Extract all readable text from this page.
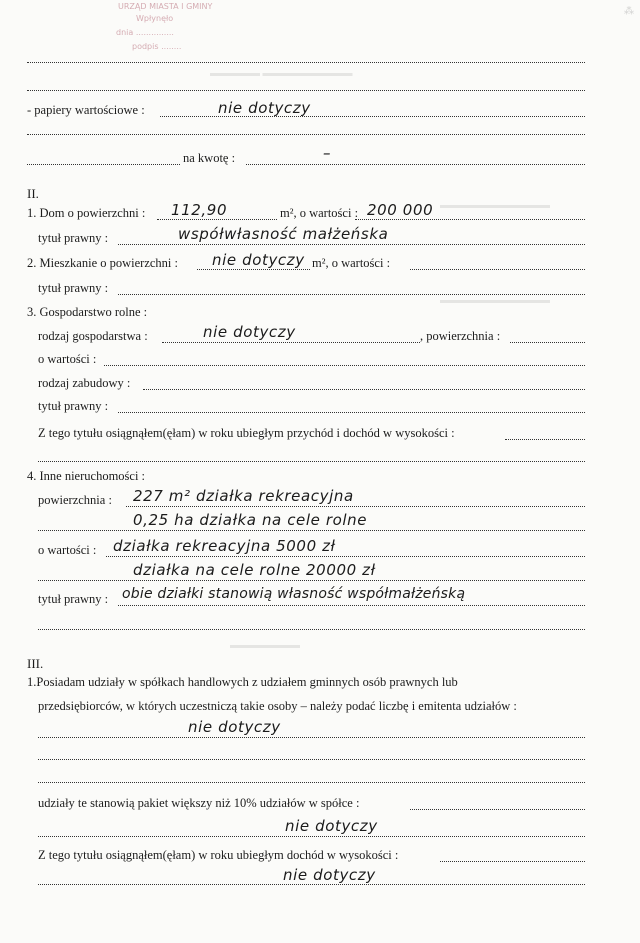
URZĄD MIASTA I GMINY
Wpłynęło
dnia ...............
podpis ........
⁂
▬▬▬▬▬ ▬▬▬▬▬▬▬▬▬
▬▬▬▬▬▬▬▬▬▬▬
▬▬▬▬▬▬▬▬▬▬▬
▬▬▬▬▬▬▬
- papiery wartościowe :	nie dotyczy
na kwotę :	–
II.
1. Dom o powierzchni : 112,90	m², o wartości : 200 000
tytuł prawny :	współwłasność małżeńska
2. Mieszkanie o powierzchni : nie dotyczy m², o wartości :
tytuł prawny :
3. Gospodarstwo rolne :
rodzaj gospodarstwa :	nie dotyczy	, powierzchnia :
o wartości :
rodzaj zabudowy :
tytuł prawny :
Z tego tytułu osiągnąłem(ęłam) w roku ubiegłym przychód i dochód w wysokości :
4. Inne nieruchomości :
powierzchnia : 227 m² działka rekreacyjna
0,25 ha działka na cele rolne
o wartości : działka rekreacyjna 5000 zł
działka na cele rolne 20000 zł
tytuł prawny : obie działki stanowią własność współmałżeńską
III.
1.Posiadam udziały w spółkach handlowych z udziałem gminnych osób prawnych lub
przedsiębiorców, w których uczestniczą takie osoby – należy podać liczbę i emitenta udziałów :
nie dotyczy
udziały te stanowią pakiet większy niż 10% udziałów w spółce :
nie dotyczy
Z tego tytułu osiągnąłem(ęłam) w roku ubiegłym dochód w wysokości :
nie dotyczy
